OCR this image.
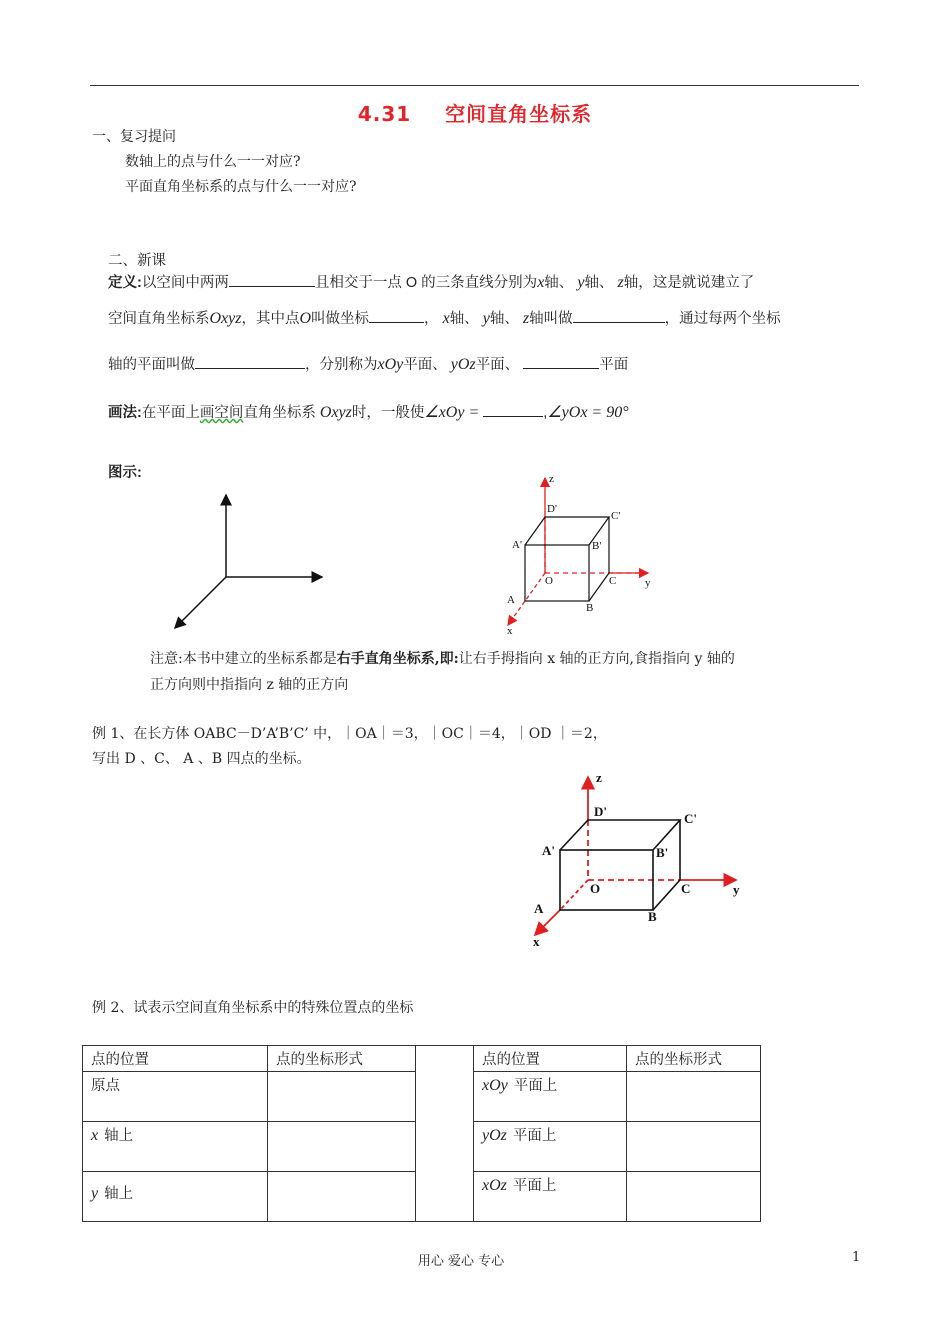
4.31 空间直角坐标系
一、复习提问
数轴上的点与什么一一对应?
平面直角坐标系的点与什么一一对应?
二、新课
定义:以空间中两两	且相交于一点 O 的三条直线分别为x轴、 y轴、 z轴，这是就说建立了
空间直角坐标系Oxyz，其中点O叫做坐标	， x轴、 y轴、 z轴叫做	，通过每两个坐标
轴的平面叫做	，分别称为xOy平面、 yOz平面、	平面
画法:在平面上画空间直角坐标系 Oxyz时，一般使∠xOy =	,∠yOx = 90°
图示:	z
D'
C'
A'	B'
O	C	y
A
B
x
z
D'	C'
A'	B'
O	C	y
A
B
x
注意:本书中建立的坐标系都是右手直角坐标系,即:让右手拇指向 x 轴的正方向,食指指向 y 轴的
正方向则中指指向 z 轴的正方向
例 1、在长方体 OABC－D’A’B’C’ 中，｜OA｜＝3，｜OC｜＝4，｜OD ｜＝2，
写出 D 、C、 A 、B 四点的坐标。
例 2、试表示空间直角坐标系中的特殊位置点的坐标
点的位置	点的坐标形式		点的位置	点的坐标形式
原点			xOy 平面上	
x 轴上			yOz 平面上	
y 轴上			xOz 平面上	
用心 爱心 专心	1
